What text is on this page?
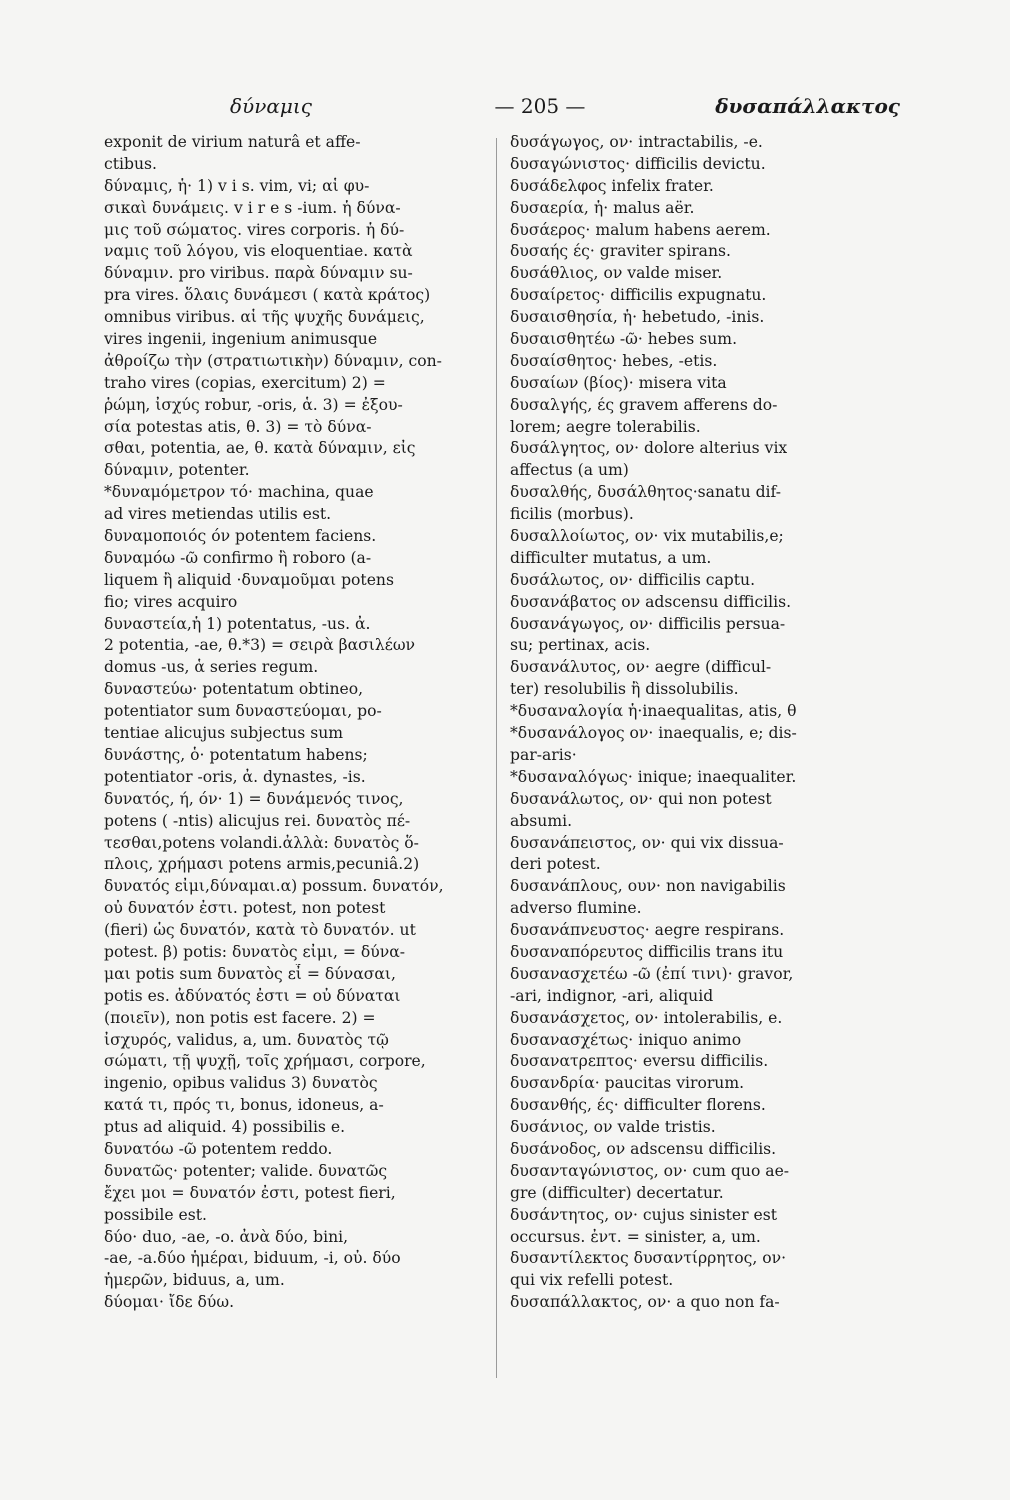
δύναμις	— 205 —	δυσαπάλλακτος
exponit de virium naturâ et affe-
ctibus.
δύναμις, ἡ· 1) v i s. vim, vi; αἱ φυ-
σικαὶ δυνάμεις. v i r e s -ium. ἡ δύνα-
μις τοῦ σώματος. vires corporis. ἡ δύ-
ναμις τοῦ λόγου, vis eloquentiae. κατὰ
δύναμιν. pro viribus. παρὰ δύναμιν su-
pra vires. ὅλαις δυνάμεσι ( κατὰ κράτος)
omnibus viribus. αἱ τῆς ψυχῆς δυνάμεις,
vires ingenii, ingenium animusque
ἀθροίζω τὴν (στρατιωτικὴν) δύναμιν, con-
traho vires (copias, exercitum) 2) =
ῥώμη, ἰσχύς robur, -oris, ἁ. 3) = ἐξου-
σία potestas atis, θ. 3) = τὸ δύνα-
σθαι, potentia, ae, θ. κατὰ δύναμιν, εἰς
δύναμιν, potenter.
*δυναμόμετρον τό· machina, quae
ad vires metiendas utilis est.
δυναμοποιός όν potentem faciens.
δυναμόω -ῶ confirmo ἢ roboro (a-
liquem ἢ aliquid ·δυναμοῦμαι potens
fio; vires acquiro
δυναστεία,ἡ 1) potentatus, -us. ἀ.
2 potentia, -ae, θ.*3) = σειρὰ βασιλέων
domus -us, ἁ series regum.
δυναστεύω· potentatum obtineo,
potentiator sum δυναστεύομαι, po-
tentiae alicujus subjectus sum
δυνάστης, ὁ· potentatum habens;
potentiator -oris, ἀ. dynastes, -is.
δυνατός, ή, όν· 1) = δυνάμενός τινος,
potens ( -ntis) alicujus rei. δυνατὸς πέ-
τεσθαι,potens volandi.ἀλλὰ: δυνατὸς ὅ-
πλοις, χρήμασι potens armis,pecuniâ.2)
δυνατός εἰμι,δύναμαι.α) possum. δυνατόν,
οὐ δυνατόν ἐστι. potest, non potest
(fieri) ὡς δυνατόν, κατὰ τὸ δυνατόν. ut
potest. β) potis: δυνατὸς εἰμι, = δύνα-
μαι potis sum δυνατὸς εἶ = δύνασαι,
potis es. ἀδύνατός ἐστι = οὐ δύναται
(ποιεῖν), non potis est facere. 2) =
ἰσχυρός, validus, a, um. δυνατὸς τῷ
σώματι, τῇ ψυχῇ, τοῖς χρήμασι, corpore,
ingenio, opibus validus 3) δυνατὸς
κατά τι, πρός τι, bonus, idoneus, a-
ptus ad aliquid. 4) possibilis e.
δυνατόω -ῶ potentem reddo.
δυνατῶς· potenter; valide. δυνατῶς
ἔχει μοι = δυνατόν ἐστι, potest fieri,
possibile est.
δύο· duo, -ae, -o. ἀνὰ δύο, bini,
-ae, -a.δύο ἡμέραι, biduum, -i, οὐ. δύο
ἡμερῶν, biduus, a, um.
δύομαι· ἴδε δύω.
δυσάγωγος, ον· intractabilis, -e.
δυσαγώνιστος· difficilis devictu.
δυσάδελφος infelix frater.
δυσαερία, ἡ· malus aër.
δυσάερος· malum habens aerem.
δυσαής ές· graviter spirans.
δυσάθλιος, ον valde miser.
δυσαίρετος· difficilis expugnatu.
δυσαισθησία, ἡ· hebetudo, -inis.
δυσαισθητέω -ῶ· hebes sum.
δυσαίσθητος· hebes, -etis.
δυσαίων (βίος)· misera vita
δυσαλγής, ές gravem afferens do-
lorem; aegre tolerabilis.
δυσάλγητος, ον· dolore alterius vix
affectus (a um)
δυσαλθής, δυσάλθητος·sanatu dif-
ficilis (morbus).
δυσαλλοίωτος, ον· vix mutabilis,e;
difficulter mutatus, a um.
δυσάλωτος, ον· difficilis captu.
δυσανάβατος ον adscensu difficilis.
δυσανάγωγος, ον· difficilis persua-
su; pertinax, acis.
δυσανάλυτος, ον· aegre (difficul-
ter) resolubilis ἢ dissolubilis.
*δυσαναλογία ἡ·inaequalitas, atis, θ
*δυσανάλογος ον· inaequalis, e; dis-
par-aris·
*δυσαναλόγως· inique; inaequaliter.
δυσανάλωτος, ον· qui non potest
absumi.
δυσανάπειστος, ον· qui vix dissua-
deri potest.
δυσανάπλους, ουν· non navigabilis
adverso flumine.
δυσανάπνευστος· aegre respirans.
δυσαναπόρευτος difficilis trans itu
δυσανασχετέω -ῶ (ἐπί τινι)· gravor,
-ari, indignor, -ari, aliquid
δυσανάσχετος, ον· intolerabilis, e.
δυσανασχέτως· iniquo animo
δυσανατρεπτος· eversu difficilis.
δυσανδρία· paucitas virorum.
δυσανθής, ές· difficulter florens.
δυσάνιος, ον valde tristis.
δυσάνοδος, ον adscensu difficilis.
δυσανταγώνιστος, ον· cum quo ae-
gre (difficulter) decertatur.
δυσάντητος, ον· cujus sinister est
occursus. ἐντ. = sinister, a, um.
δυσαντίλεκτος δυσαντίρρητος, ον·
qui vix refelli potest.
δυσαπάλλακτος, ον· a quo non fa-
